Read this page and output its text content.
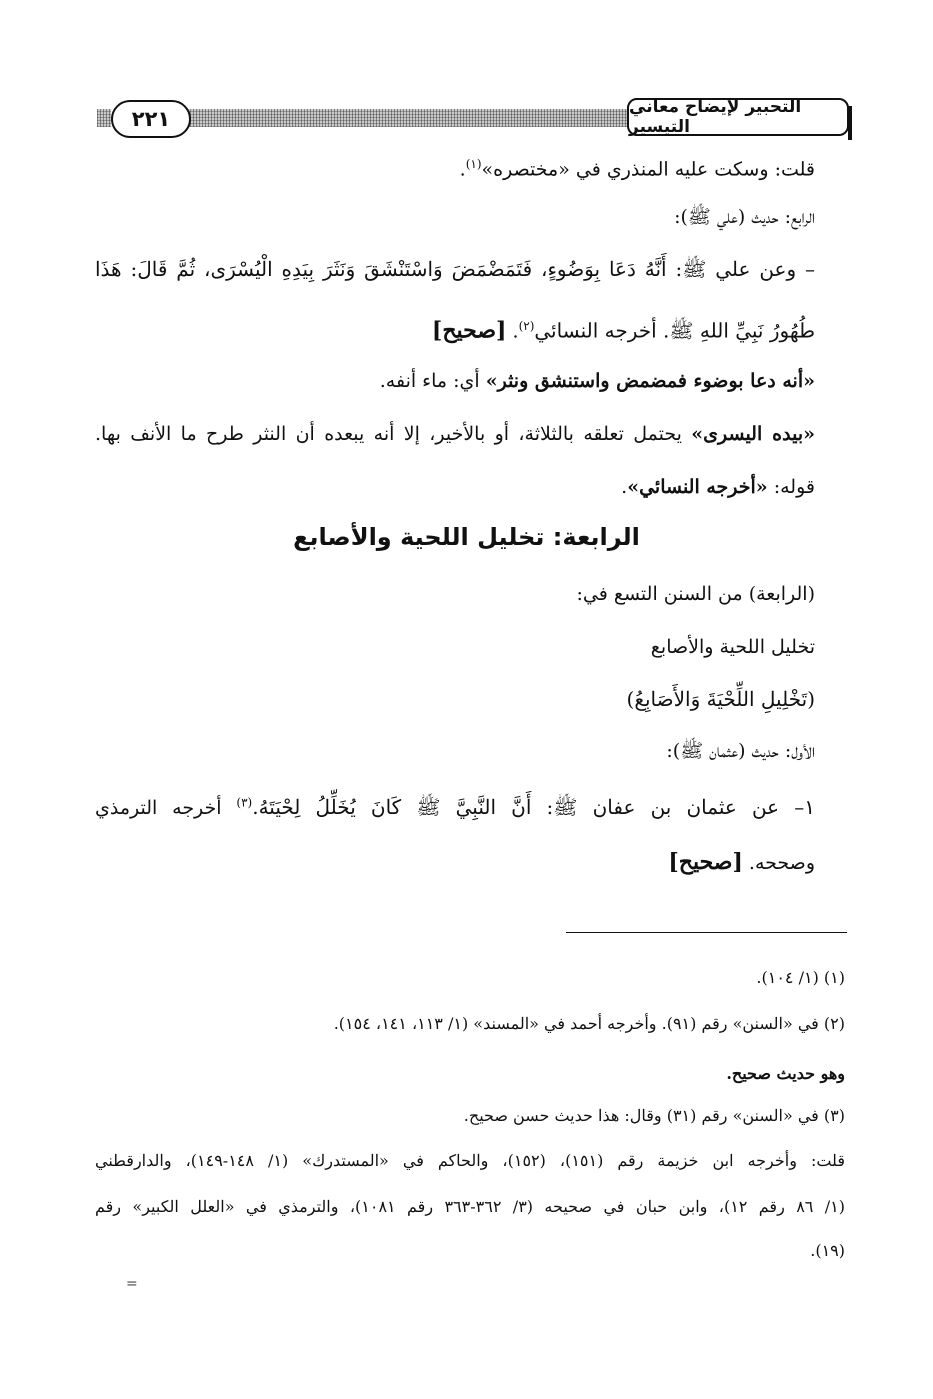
٢٢١	التحبير لإيضاح معاني التيسير
قلت: وسكت عليه المنذري في «مختصره»$^{(١)}$.
الرابع: حديث (علي ﷺ):
– وعن علي ﷺ: أَنَّهُ دَعَا بِوَضُوءٍ، فَتَمَضْمَضَ وَاسْتَنْشَقَ وَنَثَرَ بِيَدِهِ الْيُسْرَى، ثُمَّ قَالَ: هَذَا
طُهُورُ نَبِيِّ اللهِ ﷺ. أخرجه النسائي$^{(٢)}$. [صحيح]
«أنه دعا بوضوء فمضمض واستنشق ونثر» أي: ماء أنفه.
«بيده اليسرى» يحتمل تعلقه بالثلاثة، أو بالأخير، إلا أنه يبعده أن النثر طرح ما الأنف بها.
قوله: «أخرجه النسائي».
الرابعة: تخليل اللحية والأصابع
(الرابعة) من السنن التسع في:
تخليل اللحية والأصابع
(تَخْلِيلِ اللِّحْيَةَ وَالأَصَابِعُ)
الأول: حديث (عثمان ﷺ):
١– عن عثمان بن عفان ﷺ: أَنَّ النَّبِيَّ ﷺ كَانَ يُخَلِّلُ لِحْيَتَهُ.$^{(٣)}$ أخرجه الترمذي
وصححه. [صحيح]
(١) (١/ ١٠٤).
(٢) في «السنن» رقم (٩١). وأخرجه أحمد في «المسند» (١/ ١١٣، ١٤١، ١٥٤).
وهو حديث صحيح.
(٣) في «السنن» رقم (٣١) وقال: هذا حديث حسن صحيح.
قلت: وأخرجه ابن خزيمة رقم (١٥١)، (١٥٢)، والحاكم في «المستدرك» (١/ ١٤٨-١٤٩)، والدارقطني
(١/ ٨٦ رقم ١٢)، وابن حبان في صحيحه (٣/ ٣٦٢-٣٦٣ رقم ١٠٨١)، والترمذي في «العلل الكبير» رقم
(١٩).
=
